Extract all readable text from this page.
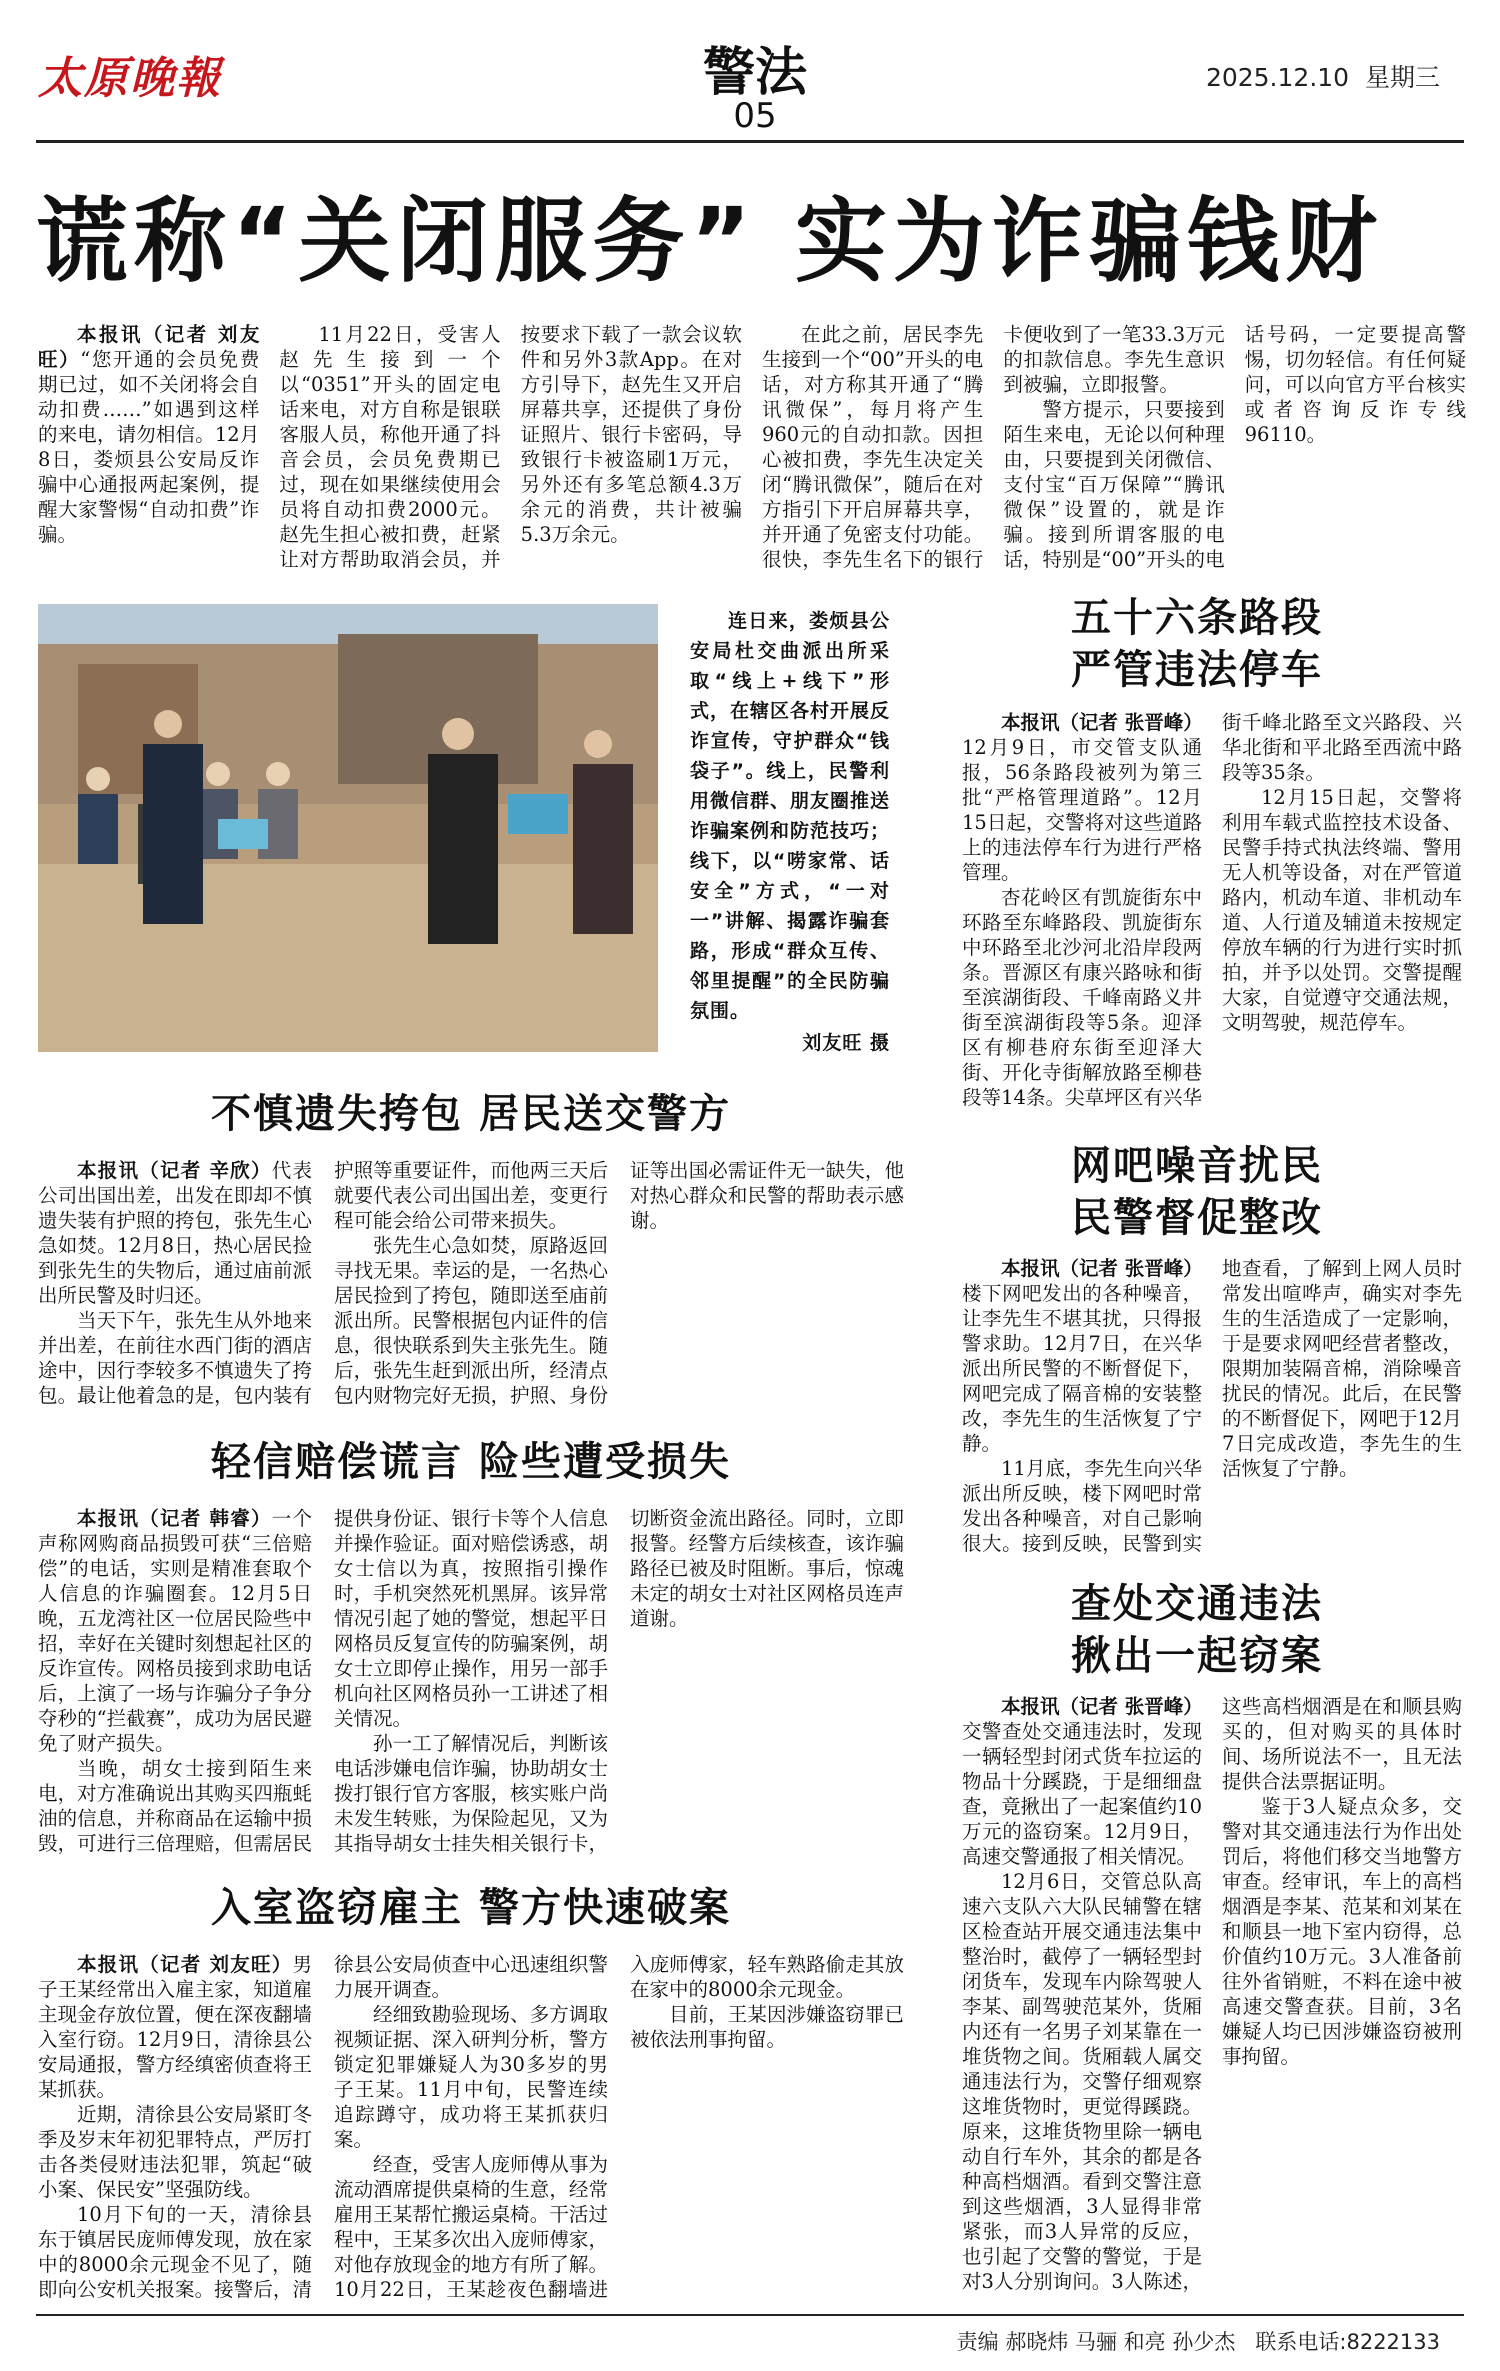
太原晚報	警法
05
2025.12.10 星期三
谎称“关闭服务” 实为诈骗钱财

本报讯（记者 刘友旺）“您开通的会员免费期已过，如不关闭将会自动扣费……”如遇到这样的来电，请勿相信。12月8日，娄烦县公安局反诈骗中心通报两起案例，提醒大家警惕“自动扣费”诈骗。

11月22日，受害人赵先生接到一个以“0351”开头的固定电话来电，对方自称是银联客服人员，称他开通了抖音会员，会员免费期已过，现在如果继续使用会员将自动扣费2000元。赵先生担心被扣费，赶紧让对方帮助取消会员，并按要求下载了一款会议软件和另外3款App。在对方引导下，赵先生又开启屏幕共享，还提供了身份证照片、银行卡密码，导致银行卡被盗刷1万元，另外还有多笔总额4.3万余元的消费，共计被骗5.3万余元。

在此之前，居民李先生接到一个“00”开头的电话，对方称其开通了“腾讯微保”，每月将产生960元的自动扣款。因担心被扣费，李先生决定关闭“腾讯微保”，随后在对方指引下开启屏幕共享，并开通了免密支付功能。很快，李先生名下的银行卡便收到了一笔33.3万元的扣款信息。李先生意识到被骗，立即报警。

警方提示，只要接到陌生来电，无论以何种理由，只要提到关闭微信、支付宝“百万保障”“腾讯微保”设置的，就是诈骗。接到所谓客服的电话，特别是“00”开头的电话号码，一定要提高警惕，切勿轻信。有任何疑问，可以向官方平台核实或者咨询反诈专线96110。

连日来，娄烦县公安局杜交曲派出所采取“线上+线下”形式，在辖区各村开展反诈宣传，守护群众“钱袋子”。线上，民警利用微信群、朋友圈推送诈骗案例和防范技巧；线下，以“唠家常、话安全”方式，“一对一”讲解、揭露诈骗套路，形成“群众互传、邻里提醒”的全民防骗氛围。
刘友旺 摄
不慎遗失挎包 居民送交警方

本报讯（记者 辛欣）代表公司出国出差，出发在即却不慎遗失装有护照的挎包，张先生心急如焚。12月8日，热心居民捡到张先生的失物后，通过庙前派出所民警及时归还。

当天下午，张先生从外地来并出差，在前往水西门街的酒店途中，因行李较多不慎遗失了挎包。最让他着急的是，包内装有护照等重要证件，而他两三天后就要代表公司出国出差，变更行程可能会给公司带来损失。

张先生心急如焚，原路返回寻找无果。幸运的是，一名热心居民捡到了挎包，随即送至庙前派出所。民警根据包内证件的信息，很快联系到失主张先生。随后，张先生赶到派出所，经清点包内财物完好无损，护照、身份证等出国必需证件无一缺失，他对热心群众和民警的帮助表示感谢。

轻信赔偿谎言 险些遭受损失

本报讯（记者 韩睿）一个声称网购商品损毁可获“三倍赔偿”的电话，实则是精准套取个人信息的诈骗圈套。12月5日晚，五龙湾社区一位居民险些中招，幸好在关键时刻想起社区的反诈宣传。网格员接到求助电话后，上演了一场与诈骗分子争分夺秒的“拦截赛”，成功为居民避免了财产损失。

当晚，胡女士接到陌生来电，对方准确说出其购买四瓶蚝油的信息，并称商品在运输中损毁，可进行三倍理赔，但需居民提供身份证、银行卡等个人信息并操作验证。面对赔偿诱惑，胡女士信以为真，按照指引操作时，手机突然死机黑屏。该异常情况引起了她的警觉，想起平日网格员反复宣传的防骗案例，胡女士立即停止操作，用另一部手机向社区网格员孙一工讲述了相关情况。

孙一工了解情况后，判断该电话涉嫌电信诈骗，协助胡女士拨打银行官方客服，核实账户尚未发生转账，为保险起见，又为其指导胡女士挂失相关银行卡，切断资金流出路径。同时，立即报警。经警方后续核查，该诈骗路径已被及时阻断。事后，惊魂未定的胡女士对社区网格员连声道谢。

入室盗窃雇主 警方快速破案

本报讯（记者 刘友旺）男子王某经常出入雇主家，知道雇主现金存放位置，便在深夜翻墙入室行窃。12月9日，清徐县公安局通报，警方经缜密侦查将王某抓获。

近期，清徐县公安局紧盯冬季及岁末年初犯罪特点，严厉打击各类侵财违法犯罪，筑起“破小案、保民安”坚强防线。

10月下旬的一天，清徐县东于镇居民庞师傅发现，放在家中的8000余元现金不见了，随即向公安机关报案。接警后，清徐县公安局侦查中心迅速组织警力展开调查。

经细致勘验现场、多方调取视频证据、深入研判分析，警方锁定犯罪嫌疑人为30多岁的男子王某。11月中旬，民警连续追踪蹲守，成功将王某抓获归案。

经查，受害人庞师傅从事为流动酒席提供桌椅的生意，经常雇用王某帮忙搬运桌椅。干活过程中，王某多次出入庞师傅家，对他存放现金的地方有所了解。10月22日，王某趁夜色翻墙进入庞师傅家，轻车熟路偷走其放在家中的8000余元现金。

目前，王某因涉嫌盗窃罪已被依法刑事拘留。

五十六条路段
严管违法停车

本报讯（记者 张晋峰）12月9日，市交管支队通报，56条路段被列为第三批“严格管理道路”。12月15日起，交警将对这些道路上的违法停车行为进行严格管理。

杏花岭区有凯旋街东中环路至东峰路段、凯旋街东中环路至北沙河北沿岸段两条。晋源区有康兴路咏和街至滨湖街段、千峰南路义井街至滨湖街段等5条。迎泽区有柳巷府东街至迎泽大街、开化寺街解放路至柳巷段等14条。尖草坪区有兴华街千峰北路至文兴路段、兴华北街和平北路至西流中路段等35条。

12月15日起，交警将利用车载式监控技术设备、民警手持式执法终端、警用无人机等设备，对在严管道路内，机动车道、非机动车道、人行道及辅道未按规定停放车辆的行为进行实时抓拍，并予以处罚。交警提醒大家，自觉遵守交通法规，文明驾驶，规范停车。

网吧噪音扰民
民警督促整改

本报讯（记者 张晋峰）楼下网吧发出的各种噪音，让李先生不堪其扰，只得报警求助。12月7日，在兴华派出所民警的不断督促下，网吧完成了隔音棉的安装整改，李先生的生活恢复了宁静。

11月底，李先生向兴华派出所反映，楼下网吧时常发出各种噪音，对自己影响很大。接到反映，民警到实地查看，了解到上网人员时常发出喧哗声，确实对李先生的生活造成了一定影响，于是要求网吧经营者整改，限期加装隔音棉，消除噪音扰民的情况。此后，在民警的不断督促下，网吧于12月7日完成改造，李先生的生活恢复了宁静。

查处交通违法
揪出一起窃案

本报讯（记者 张晋峰）交警查处交通违法时，发现一辆轻型封闭式货车拉运的物品十分蹊跷，于是细细盘查，竟揪出了一起案值约10万元的盗窃案。12月9日，高速交警通报了相关情况。

12月6日，交管总队高速六支队六大队民辅警在辖区检查站开展交通违法集中整治时，截停了一辆轻型封闭货车，发现车内除驾驶人李某、副驾驶范某外，货厢内还有一名男子刘某靠在一堆货物之间。货厢载人属交通违法行为，交警仔细观察这堆货物时，更觉得蹊跷。原来，这堆货物里除一辆电动自行车外，其余的都是各种高档烟酒。看到交警注意到这些烟酒，3人显得非常紧张，而3人异常的反应，也引起了交警的警觉，于是对3人分别询问。3人陈述，这些高档烟酒是在和顺县购买的，但对购买的具体时间、场所说法不一，且无法提供合法票据证明。

鉴于3人疑点众多，交警对其交通违法行为作出处罚后，将他们移交当地警方审查。经审讯，车上的高档烟酒是李某、范某和刘某在和顺县一地下室内窃得，总价值约10万元。3人准备前往外省销赃，不料在途中被高速交警查获。目前，3名嫌疑人均已因涉嫌盗窃被刑事拘留。

责编 郝晓炜 马骊 和亮 孙少杰 联系电话:8222133
